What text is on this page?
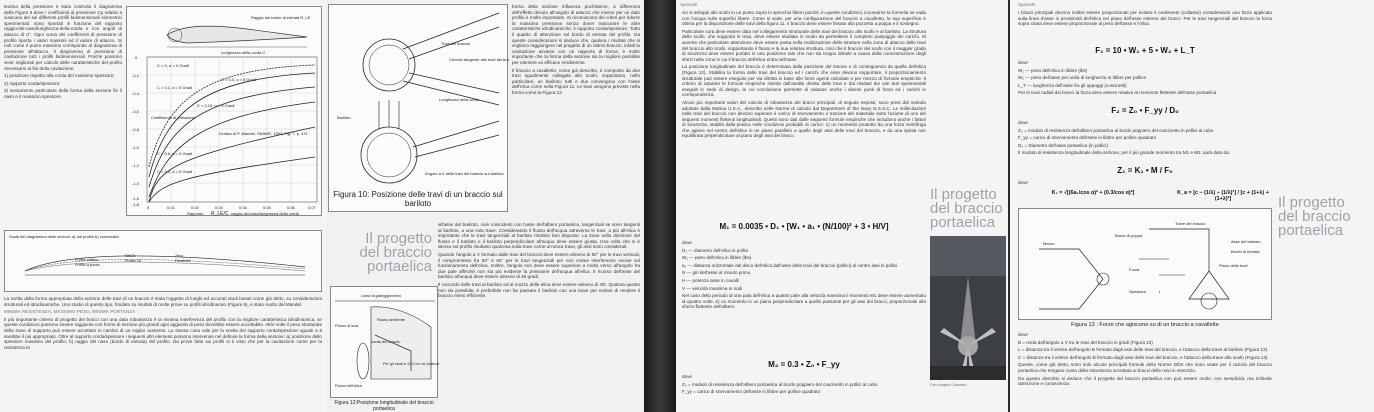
teorica della pressione è stato costruito il diagramma della Figura 8 dove i coefficienti di pressione Cp relativi a ciascuno dei sei differenti profili bidimensionali simmetrici sperimentati, sono riportati in funzione del rapporto raggio-del-naso/lunghezza-della-corda e con angoli di attacco di 0°. Ogni curva dei coefficienti di pressione di profilo riporta i valori massimi ed il valore di attacco. Si noti come il punto massimo corrisponde al diagramma di pressione all'attacco. Il diagramma di pressione di cavitazione tutti i profili bidimensionali. Poiché possono venir migliorati per calcolo delle caratteristiche del profilo necessario ai fini della cavitazione.

1) posizione rispetto alla corda del massimo spessore;

2) rapporto corda/spessore;

3) avviamento particolare della forma della sezione fin il naso e il massimo spessore.

Raggio del bordo di entrata R_LE
Lunghezza della corda C
C = 0, α = 0 Gradi
C = 0,1, α = 5 Gradi
C = 0,15, α = 0 Gradi
C = 0,4, α = 8 Gradi
Grafico di P. Mandel, SNAME, 1953, Fig. 7, p. 471
Coefficiente di pressione
C = 0,6, α = 0 Gradi
C = 0,3, α = 5 Gradi
0	0.01	0.02	0.03	0.04	0.05	0.06	0.07
0
-0,2
-0,4
-0,6
-0,8
-1,0
-1,2
-1,4
-1,6
-1,8
Rapporto R_LE/C raggio-del-naso/lunghezza della corda
Scala del diagramma delle sezioni: a) dal profilo b) convessità
Profilo ellittico
Profilo a punta
NACA
Profilo 16
Zero
Parabolic

La scelta della forma appropriata della sezione delle travi di un braccio è stata l'oggetto di lunghi ed accurati studi basati come già detto, su considerazioni strutturali ed idrodinamiche. Uno studio di questo tipo, fondato su risultati di molte prove su profili idrodinamici (Figura 9), è stato svolto dal Mandel.

MINIMA RESISTENZA, MASSIMO PESO, MINIMA PORTANZA

Il più importante criterio di progetto dei bracci con una data robustezza è la minima interferenza del profilo con la migliore caratteristica idrodinamica, se queste condizioni possono essere raggiunte con forme di sezione più grandi ogni aggiunta di peso dovrebbe essere accettabile. Altre volte il peso strutturale della trave di supporto può essere accettato in cambio di un miglior aumento. La stessa cosa vale per la scelta del rapporto corda/spessore uguale a 6 sarebbe il più appropriato. Oltre al rapporto corda/spessore i seguenti altri elementi possono intervenire nel definire la forma della sezione: a) posizione dello spessore massimo del profilo; b) raggio del naso (bordo di entrata) del profilo. Da prove fatte sui profili si è visto che per la cavitazione come per la resistenza la

Cerchio tangente alle travi del bra
Travi del braccio
Lunghezza della corda
Bariloto
Angolo a V delle travi del braccio sul bariloto
Figura 10: Posizione delle travi di un braccio sul bariloto

forma della sezione influenza pochissimo, a differenza dell'effetto dovuto all'angolo di attacco che invece per un dato profilo è molto importante. Si riconoscono dei criteri per ridurre la massima pressione senza dover trascurare le altre caratteristiche idrodinamiche: il rapporto corda/spessore. Tutto il quadro di attenzione sul bordo di entrata del profilo. Da queste considerazioni si deduce che, qualora i risultati che si vogliono raggiungere nel progetto di un ottimo braccio, infatti la cavitazione avviene con un rapporto di forma, è molto importante che la forma della sezione sia la migliore possibile per ottenere un efficace rendimento.

Il braccio a cavalletto, come già descritto, è composto da due travi egualmente collegate allo scafo, sopportano, nello particolare, un bariloto; tutti e due convergono con l'asse dell'elica come nella Figura 11. Le travi vengono previste nella forma come la Figura 12.

Il progetto
del braccio
portaelica

all'asse del bariloto, cioè coincidenti con l'asse dell'albero portaelica, tangenziali se sono tangenti al bariloto, a una sola trave. Considerando il flusso dell'acqua attraverso le travi, a più all'elica è importante che le travi tangenziali al bariloto risultino ben disposte. La trave nella direzione del flusso e il bariloto e il bariloto perpendicolare all'acqua deve essere giusta. Una volta che si è deciso sul profilo risultano qualcosa sulla trave come un'unica trave, gli assi sono considerati.

Quando l'angolo a V formato dalle travi del braccio deve essere almeno di 60° per le travi verticali, il compromesso fra 50° e 60° per le travi tangenziali per non creare interferenze nocive sul funzionamento dell'elica. Inoltre, l'angolo non deve essere superiore a molto verso all'angolo fra due pale affinché non sia più evidente la pressione dell'acqua all'elica. Il ricorso dell'asse del bariloto all'acqua deve essere almeno di 45 gradi.

Il raccordo delle travi al bariloto ed al mozzo delle elica deve essere almeno di 4/5. Qualora questo non sia possibile, è preferibile non far passare il bariloto con una trave per evitare di rendere il braccio meno efficiente.

Linea di galleggiamento
Flusso di scia
Flusso dell'elica
Flusso ambiente
uscita del braccio
Per gli studi a 10,0 cm se praticabile
Figura 12:Posizione longitudinale del braccio portaelica
Speciale

cio si sviluppi allo scafo in un punto sopra lo specchio libero poiché, in queste condizioni, incurvarne la formella ne vada con l'acqua sulle superfici libere. Come si vede, per una configurazione del braccio a cavalletto, la sua superficie è ottima per la disposizione delle travi della figura 11. Il braccio deve essere fissato alla pozzetta a poppa e il sostegno.

Particolare cura deve essere data nel collegamento strutturale delle travi del braccio allo scafo e al bariloto. La struttura dello scafo, che sopporta le travi, deve essere studiata in modo da permettere il completo passaggio dei carichi. Si avverte che particolare attenzione deve essere posta nella realizzazione delle strutture nella zona di attacco delle travi del braccio allo scafo, sopportando il flusso e la sua relativa struttura, così che il braccio del scafo con il maggior grado di sicurezza deve essere portato in una posizione tale che non sia troppo debole a causa della concentrazione degli sforzi nella zona in cui il braccio dell'elica entra nell'asse.

La posizione longitudinale del braccio è determinata dalla posizione del timone e di conseguenza da quella dell'elica (Figura 12). Stabilita la forma delle travi del braccio ed i carichi che esse devono sopportare, il proporzionamento strutturale può essere eseguito per via diretta in base alle forze agenti calcolate o per mezzo di formule empiriche. Il criterio di valutare le formule empiriche risiede dall'analisi diretta delle travi e dai risultati dei vari test sperimentali eseguiti in sede di design, la cui conclusione permette di valutare anche i diversi punti di forza ed i carichi in corrispondenza.

Alcuni più importanti valori del calcolo di robustezza dei bracci principali, di seguito esposti, sono presi dal metodo adottato dalla Marina U.S.A., descritto nelle Norme di calcolo dal Department of the Navy N.S.S.C. Le sollecitazioni nelle travi del braccio non devono superare il carico di snervamento o trazione del materiale sotto l'azione di uno dei seguenti momenti flettenti longitudinali. Questi sono dati dalle seguenti formule empiriche che includono anche i fattori di sicurezza, stabiliti dalla pratica nelle condizioni probabili di carico: 1) un momento prodotto da una forza centrifuga che agisce nel centro dell'elica in un piano parallelo a quello degli assi delle travi del braccio, e da una spinta non equilibrata perpendicolare al piano degli assi dei bracci.

M₁ = 0.0035 • D₁ • [W₁ • a₁ • (N/100)² + 3 • H/V]

dove

D₁ — diametro dell'elica in pollici

W₁ — peso dell'elica in libbre (lbs)

a₁ — distanza orizzontale dal disco dell'elica dall'asse delle travi del braccio (pollici) al centro assi in pollici

N — giri dell'asse al minuto primo

H — potenza asse in cavalli

V — velocità massima in nodi

Nel caso dello periodo di una pala dell'elica a quattro pale alla velocità massima il momento M1 deve essere aumentato di quattro volte. 2) un momento in un piano perpendicolare a quello passante per gli assi dei bracci, proporzionale allo sforzo flettente dell'albero.

M₂ = 0.3 • Z₀ • F_yy

dove

Z₀ = modulo di resistenza dell'albero portaelica al bordo poppiero del cuscinetto in pollici al cubo

F_yy = carico di snervamento dell'asse in libbre per pollice quadrato

Il progetto
del braccio
portaelica
Foto Angelo Colombo
Speciale
I bracci principali devono inoltre essere proporzionati per evitare il cedimento (collasso) considerando una forza applicata sulla linea d'asse in prossimità dell'elica nel piano dell'asse esterno dei bracci. Per le travi tangenziali del braccio la forza sopra citata deve essere proporzionale al peso dell'asse e l'elica.
F₁ = 10 • W₁ + 5 • W₂ + L_T

dove

W₁ — peso dell'elica in libbre (lbs)

W₂ — peso dell'asse per unità di lunghezza in libbre per pollice

L_T — lunghezza dell'asse fra gli appoggi (cuscinetti)

Per le travi radiali dei bracci la forza deve essere relativa al momento flettente dell'asse portaelica

F₂ = Z₀ • F_yy / D₀

dove

Z₀ = modulo di resistenza dell'albero portaelica al bordo poppiero del cuscinetto in pollici al cubo

F_yy = carico di snervamento dell'asse in libbre per pollice quadrato

D₀ = Diametro dell'asse portaelica (in pollici)

Il modulo di resistenza longitudinale della sezione, per il più grande momento tra M1 e M2, sarà dato da:

Z₁ = K₁ • M / F₀
dove
K₁ = √[(6a₁/cos α)² + (0.3/cos α)²]	K_a = [c − (1/λ) − (1/λ)³] / [c + (1+λ) + (1+λ)²]	Il progetto
del braccio
portaelica
Mezzo
Trave del braccio
Bordo di poppa
Asse del bariloto
Bordo di entrata
Forza
Piano delle travi
Spessore	t
Figura 13 : Forze che agiscono su di un braccio a cavallette

dove

B = metà dell'angolo a V tra le travi del braccio in gradi (Figura 13)

L = distanza tra il vertice dell'angolo B formato dagli assi delle travi del braccio, e l'attacco della trave al bariloto (Figura 13)

C = distanza tra il vertice dell'angolo B formato dagli assi delle travi del braccio, e l'attacco della trave allo scafo (Figura 13)

Queste, come già detto, sono solo alcune principali formule della Norme DDS che sono usate per il calcolo del braccio portaelica che tengano conto della robustezza accettata ai bracci delle navi in esercizio.

Da quanto descritto si deduce che il progetto del braccio portaelica non può essere molto, con semplicità, ma richiede attenzione e conoscenza.
